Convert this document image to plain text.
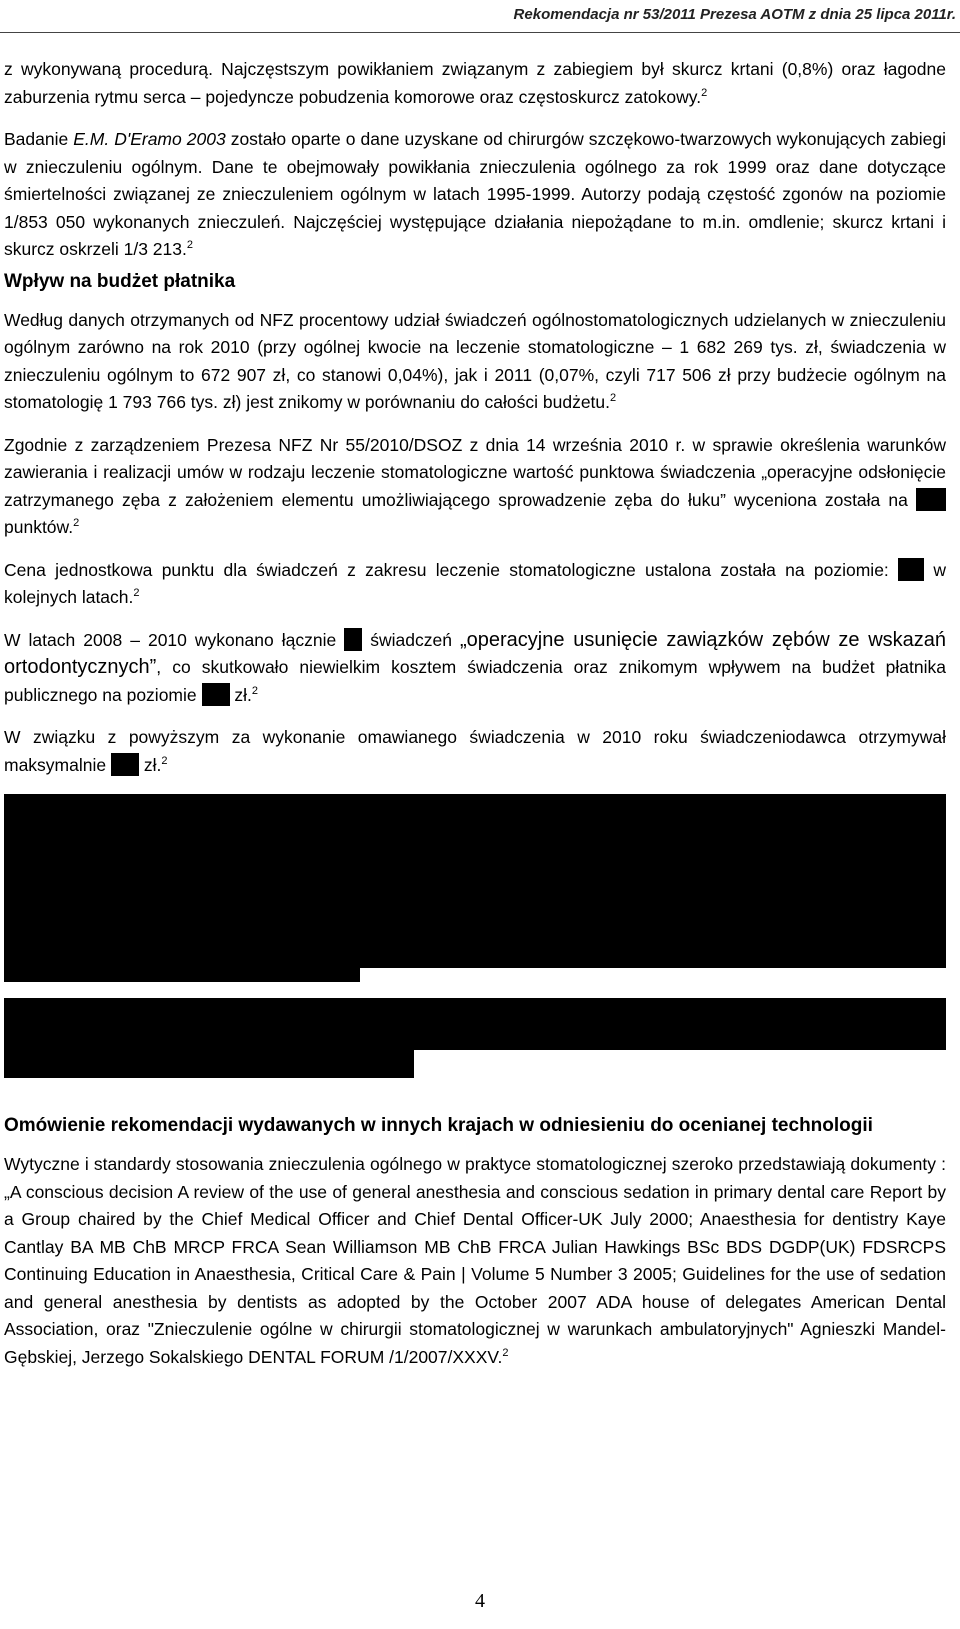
Rekomendacja nr 53/2011 Prezesa AOTM z dnia 25 lipca 2011r.

z wykonywaną procedurą. Najczęstszym powikłaniem związanym z zabiegiem był skurcz krtani (0,8%) oraz łagodne zaburzenia rytmu serca – pojedyncze pobudzenia komorowe oraz częstoskurcz zatokowy.$^2$

Badanie E.M. D'Eramo 2003 zostało oparte o dane uzyskane od chirurgów szczękowo-twarzowych wykonujących zabiegi w znieczuleniu ogólnym. Dane te obejmowały powikłania znieczulenia ogólnego za rok 1999 oraz dane dotyczące śmiertelności związanej ze znieczuleniem ogólnym w latach 1995-1999. Autorzy podają częstość zgonów na poziomie 1/853 050 wykonanych znieczuleń. Najczęściej występujące działania niepożądane to m.in. omdlenie; skurcz krtani i skurcz oskrzeli 1/3 213.$^2$

Wpływ na budżet płatnika

Według danych otrzymanych od NFZ procentowy udział świadczeń ogólnostomatologicznych udzielanych w znieczuleniu ogólnym zarówno na rok 2010 (przy ogólnej kwocie na leczenie stomatologiczne – 1 682 269 tys. zł, świadczenia w znieczuleniu ogólnym to 672 907 zł, co stanowi 0,04%), jak i 2011 (0,07%, czyli 717 506 zł przy budżecie ogólnym na stomatologię 1 793 766 tys. zł) jest znikomy w porównaniu do całości budżetu.$^2$

Zgodnie z zarządzeniem Prezesa NFZ Nr 55/2010/DSOZ z dnia 14 września 2010 r. w sprawie określenia warunków zawierania i realizacji umów w rodzaju leczenie stomatologiczne wartość punktowa świadczenia „operacyjne odsłonięcie zatrzymanego zęba z założeniem elementu umożliwiającego sprowadzenie zęba do łuku” wyceniona została na  punktów.$^2$

Cena jednostkowa punktu dla świadczeń z zakresu leczenie stomatologiczne ustalona została na poziomie:  w kolejnych latach.$^2$

W latach 2008 – 2010 wykonano łącznie  świadczeń „operacyjne usunięcie zawiązków zębów ze wskazań ortodontycznych”, co skutkowało niewielkim kosztem świadczenia oraz znikomym wpływem na budżet płatnika publicznego na poziomie  zł.$^2$

W związku z powyższym za wykonanie omawianego świadczenia w 2010 roku świadczeniodawca otrzymywał maksymalnie  zł.$^2$

Omówienie rekomendacji wydawanych w innych krajach w odniesieniu do ocenianej technologii

Wytyczne i standardy stosowania znieczulenia ogólnego w praktyce stomatologicznej szeroko przedstawiają dokumenty : „A conscious decision A review of the use of general anesthesia and conscious sedation in primary dental care Report by a Group chaired by the Chief Medical Officer and Chief Dental Officer-UK July 2000; Anaesthesia for dentistry Kaye Cantlay BA MB ChB MRCP FRCA Sean Williamson MB ChB FRCA Julian Hawkings BSc BDS DGDP(UK) FDSRCPS Continuing Education in Anaesthesia, Critical Care & Pain | Volume 5 Number 3 2005; Guidelines for the use of sedation and general anesthesia by dentists as adopted by the October 2007 ADA house of delegates American Dental Association, oraz "Znieczulenie ogólne w chirurgii stomatologicznej w warunkach ambulatoryjnych" Agnieszki Mandel-Gębskiej, Jerzego Sokalskiego DENTAL FORUM /1/2007/XXXV.$^2$

4
